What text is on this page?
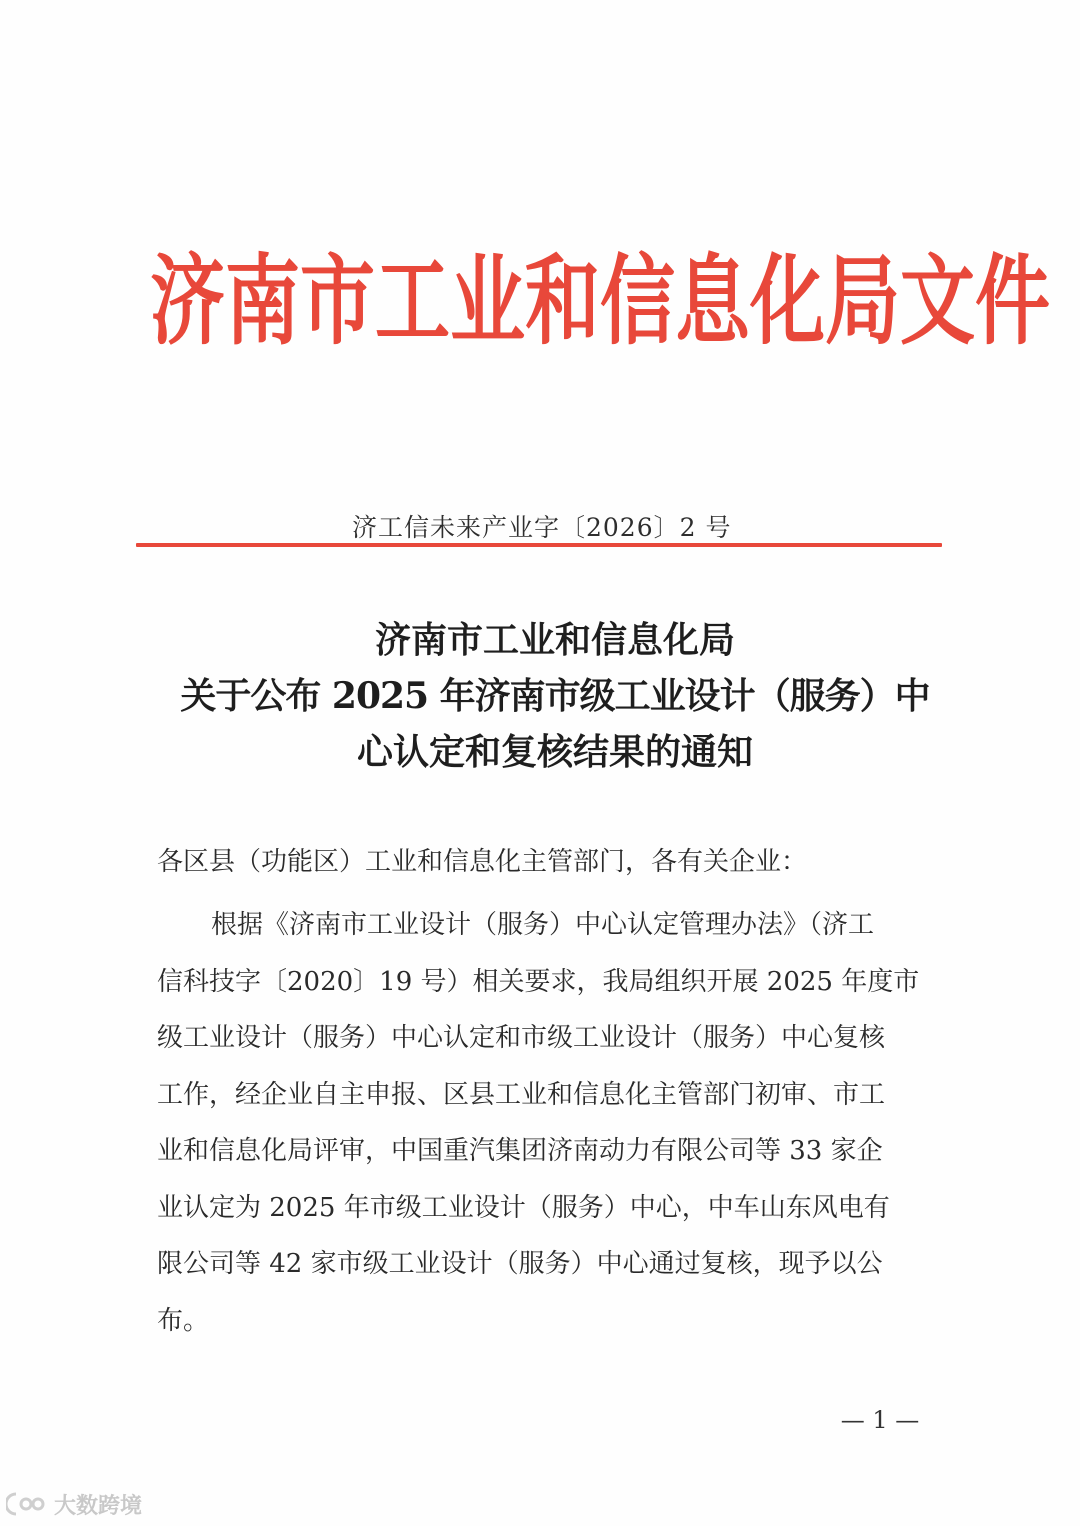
济南市工业和信息化局文件
济工信未来产业字〔2026〕2 号
济南市工业和信息化局
关于公布 2025 年济南市级工业设计（服务）中
心认定和复核结果的通知
各区县（功能区）工业和信息化主管部门，各有关企业：
根据《济南市工业设计（服务）中心认定管理办法》（济工
信科技字〔2020〕19 号）相关要求，我局组织开展 2025 年度市
级工业设计（服务）中心认定和市级工业设计（服务）中心复核
工作，经企业自主申报、区县工业和信息化主管部门初审、市工
业和信息化局评审，中国重汽集团济南动力有限公司等 33 家企
业认定为 2025 年市级工业设计（服务）中心，中车山东风电有
限公司等 42 家市级工业设计（服务）中心通过复核，现予以公
布。
— 1 —
大数跨境
